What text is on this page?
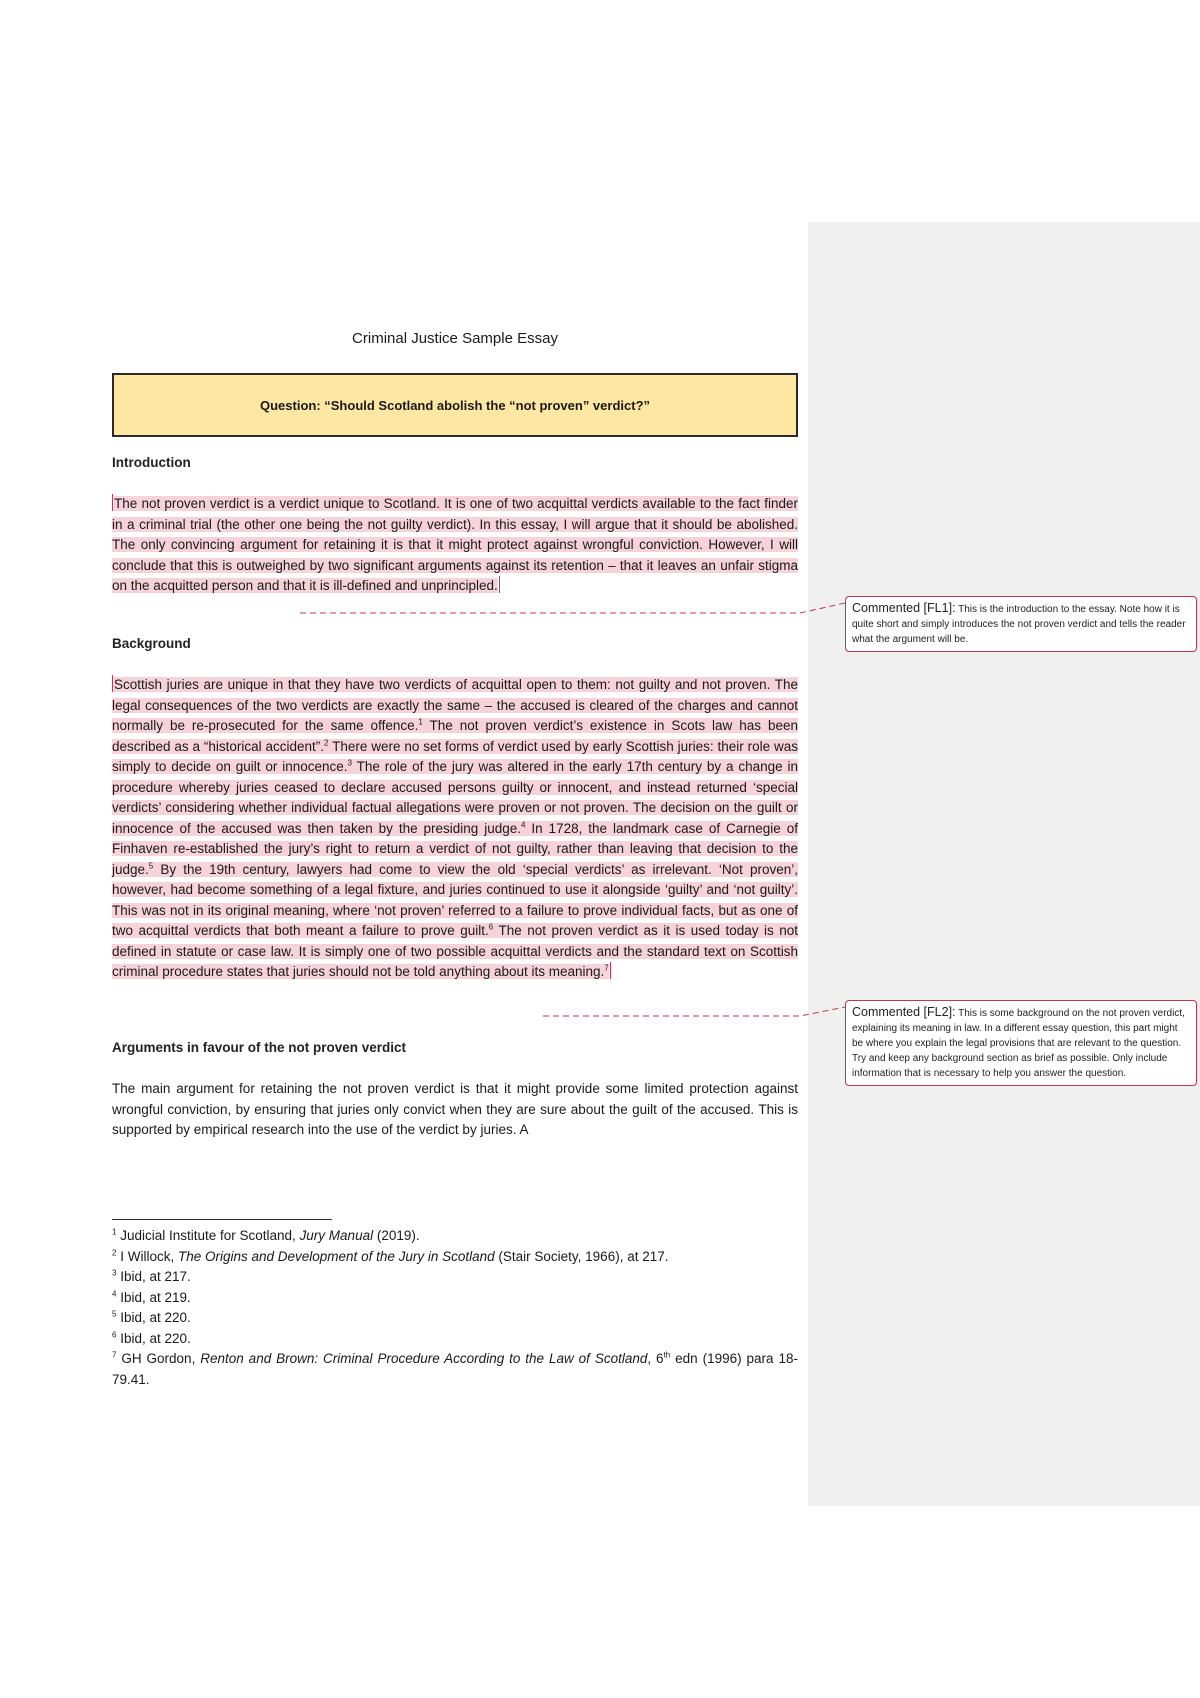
Criminal Justice Sample Essay
Question: “Should Scotland abolish the “not proven” verdict?”
Introduction
The not proven verdict is a verdict unique to Scotland. It is one of two acquittal verdicts available to the fact finder in a criminal trial (the other one being the not guilty verdict). In this essay, I will argue that it should be abolished. The only convincing argument for retaining it is that it might protect against wrongful conviction. However, I will conclude that this is outweighed by two significant arguments against its retention – that it leaves an unfair stigma on the acquitted person and that it is ill-defined and unprincipled.
Background
Scottish juries are unique in that they have two verdicts of acquittal open to them: not guilty and not proven. The legal consequences of the two verdicts are exactly the same – the accused is cleared of the charges and cannot normally be re-prosecuted for the same offence.$^1$ The not proven verdict’s existence in Scots law has been described as a “historical accident”.$^2$ There were no set forms of verdict used by early Scottish juries: their role was simply to decide on guilt or innocence.$^3$ The role of the jury was altered in the early 17th century by a change in procedure whereby juries ceased to declare accused persons guilty or innocent, and instead returned ‘special verdicts’ considering whether individual factual allegations were proven or not proven. The decision on the guilt or innocence of the accused was then taken by the presiding judge.$^4$ In 1728, the landmark case of Carnegie of Finhaven re-established the jury’s right to return a verdict of not guilty, rather than leaving that decision to the judge.$^5$ By the 19th century, lawyers had come to view the old ‘special verdicts’ as irrelevant. ‘Not proven’, however, had become something of a legal fixture, and juries continued to use it alongside ‘guilty’ and ‘not guilty’. This was not in its original meaning, where ‘not proven’ referred to a failure to prove individual facts, but as one of two acquittal verdicts that both meant a failure to prove guilt.$^6$ The not proven verdict as it is used today is not defined in statute or case law. It is simply one of two possible acquittal verdicts and the standard text on Scottish criminal procedure states that juries should not be told anything about its meaning.$^7$
Arguments in favour of the not proven verdict
The main argument for retaining the not proven verdict is that it might provide some limited protection against wrongful conviction, by ensuring that juries only convict when they are sure about the guilt of the accused. This is supported by empirical research into the use of the verdict by juries. A

$^1$ Judicial Institute for Scotland, Jury Manual (2019).

$^2$ I Willock, The Origins and Development of the Jury in Scotland (Stair Society, 1966), at 217.

$^3$ Ibid, at 217.

$^4$ Ibid, at 219.

$^5$ Ibid, at 220.

$^6$ Ibid, at 220.

$^7$ GH Gordon, Renton and Brown: Criminal Procedure According to the Law of Scotland, 6th edn (1996) para 18-79.41.

Commented [FL1]: This is the introduction to the essay. Note how it is quite short and simply introduces the not proven verdict and tells the reader what the argument will be.
Commented [FL2]: This is some background on the not proven verdict, explaining its meaning in law. In a different essay question, this part might be where you explain the legal provisions that are relevant to the question. Try and keep any background section as brief as possible. Only include information that is necessary to help you answer the question.
